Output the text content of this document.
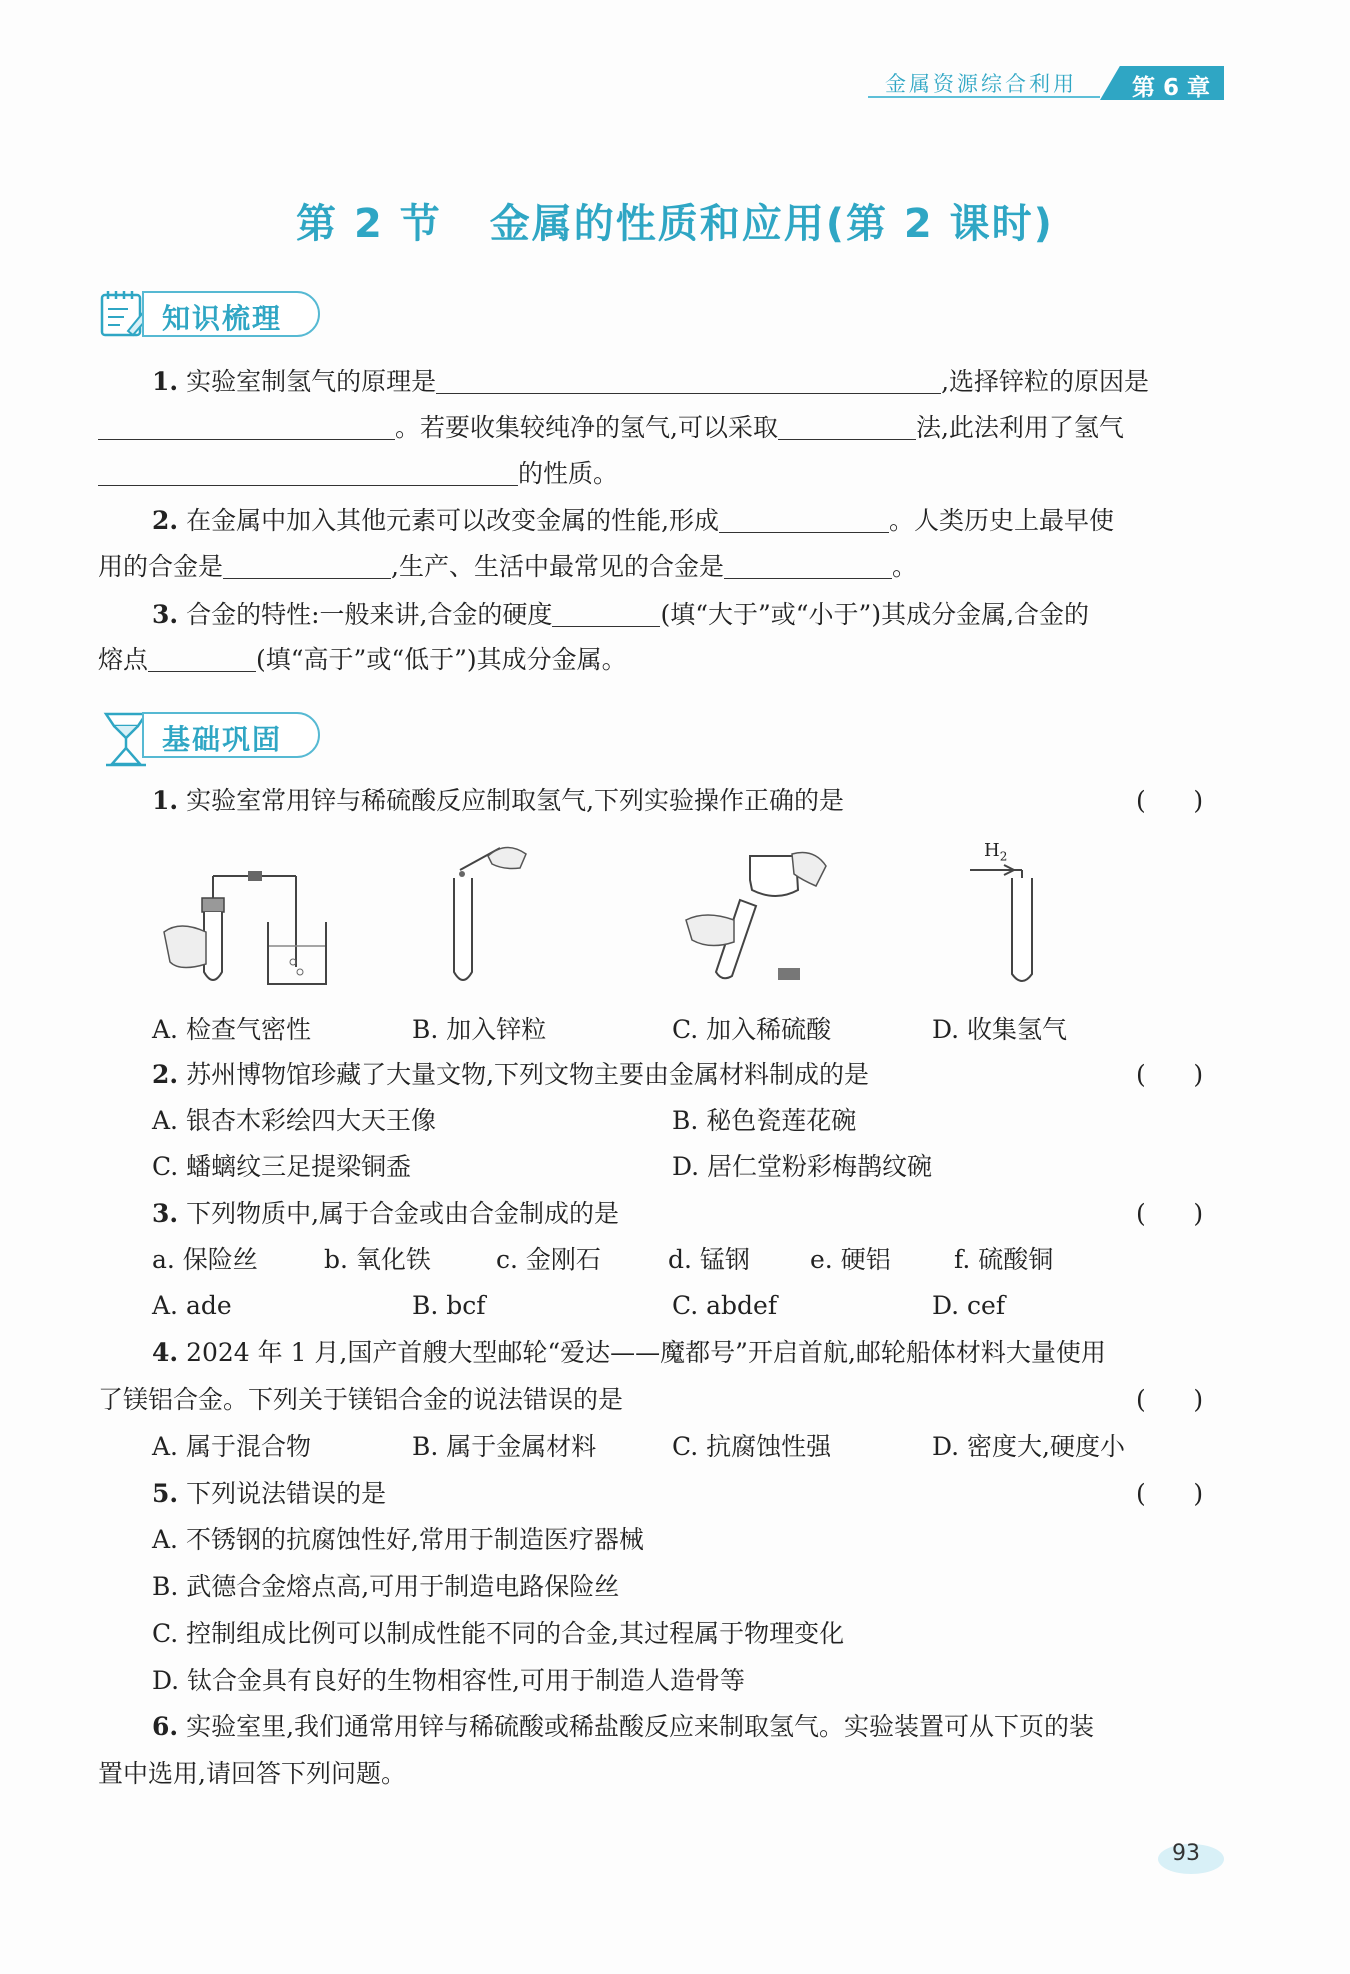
金属资源综合利用 第 6 章
第 2 节 金属的性质和应用(第 2 课时)
知识梳理
1. 实验室制氢气的原理是	,选择锌粒的原因是
。若要收集较纯净的氢气,可以采取	法,此法利用了氢气
的性质。
2. 在金属中加入其他元素可以改变金属的性能,形成	。人类历史上最早使
用的合金是	,生产、生活中最常见的合金是	。
3. 合金的特性:一般来讲,合金的硬度	(填“大于”或“小于”)其成分金属,合金的
熔点	(填“高于”或“低于”)其成分金属。
基础巩固
1. 实验室常用锌与稀硫酸反应制取氢气,下列实验操作正确的是	(      )
$H_2$
A. 检查气密性	B. 加入锌粒	C. 加入稀硫酸	D. 收集氢气
2. 苏州博物馆珍藏了大量文物,下列文物主要由金属材料制成的是	(      )
A. 银杏木彩绘四大天王像	B. 秘色瓷莲花碗
C. 蟠螭纹三足提梁铜盉	D. 居仁堂粉彩梅鹊纹碗
3. 下列物质中,属于合金或由合金制成的是	(      )
a. 保险丝	b. 氧化铁	c. 金刚石	d. 锰钢 e. 硬铝	f. 硫酸铜
A. ade	B. bcf	C. abdef	D. cef
4. 2024 年 1 月,国产首艘大型邮轮“爱达——魔都号”开启首航,邮轮船体材料大量使用
了镁铝合金。下列关于镁铝合金的说法错误的是	(      )
A. 属于混合物	B. 属于金属材料	C. 抗腐蚀性强	D. 密度大,硬度小
5. 下列说法错误的是	(      )
A. 不锈钢的抗腐蚀性好,常用于制造医疗器械
B. 武德合金熔点高,可用于制造电路保险丝
C. 控制组成比例可以制成性能不同的合金,其过程属于物理变化
D. 钛合金具有良好的生物相容性,可用于制造人造骨等
6. 实验室里,我们通常用锌与稀硫酸或稀盐酸反应来制取氢气。实验装置可从下页的装
置中选用,请回答下列问题。
93
